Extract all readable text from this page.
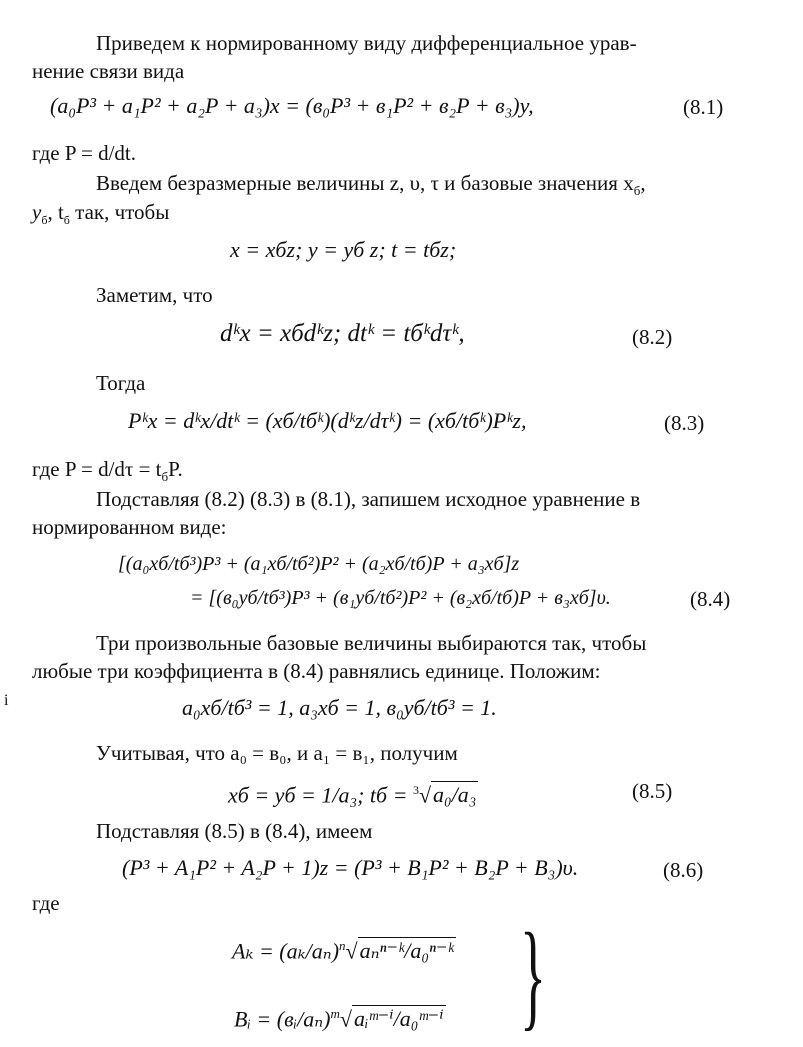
Приведем к нормированному виду дифференциальное урав-
нение связи вида
(a₀P³ + a₁P² + a₂P + a₃)x = (в₀P³ + в₁P² + в₂P + в₃)y,	(8.1)
где P = d/dt.
Введем безразмерные величины z, υ, τ и базовые значения $x_б$,
$y_б$, $t_б$ так, чтобы
x = xбz; y = yб z; t = tбz;
Заметим, что
dᵏx = xбdᵏz; dtᵏ = tбᵏdτᵏ,	(8.2)
Тогда
Pᵏx = dᵏx/dtᵏ = (xб/tбᵏ)(dᵏz/dτᵏ) = (xб/tбᵏ)Pᵏz,	(8.3)
где $P = d/d\tau = t_бP$.
Подставляя (8.2) (8.3) в (8.1), запишем исходное уравнение в
нормированном виде:
[(a₀xб/tб³)P³ + (a₁xб/tб²)P² + (a₂xб/tб)P + a₃xб]z
= [(в₀yб/tб³)P³ + (в₁yб/tб²)P² + (в₂xб/tб)P + в₃xб]υ.	(8.4)
Три произвольные базовые величины выбираются так, чтобы
любые три коэффициента в (8.4) равнялись единице. Положим:
i	a₀xб/tб³ = 1, a₃xб = 1, в₀yб/tб³ = 1.
Учитывая, что a₀ = в₀, и a₁ = в₁, получим
xб = yб = 1/a₃; tб = $^3$√a₀/a₃	(8.5)
Подставляя (8.5) в (8.4), имеем
(P³ + A₁P² + A₂P + 1)z = (P³ + B₁P² + B₂P + B₃)υ.	(8.6)
где
$A_k = (a_k/a_n)^n√a_n^{n-}ᵏ/a_0^{n-}ᵏ$
Bᵢ = (вᵢ/aₙ)$^m$√aᵢᵐ⁻ⁱ/a₀ᵐ⁻ⁱ }
